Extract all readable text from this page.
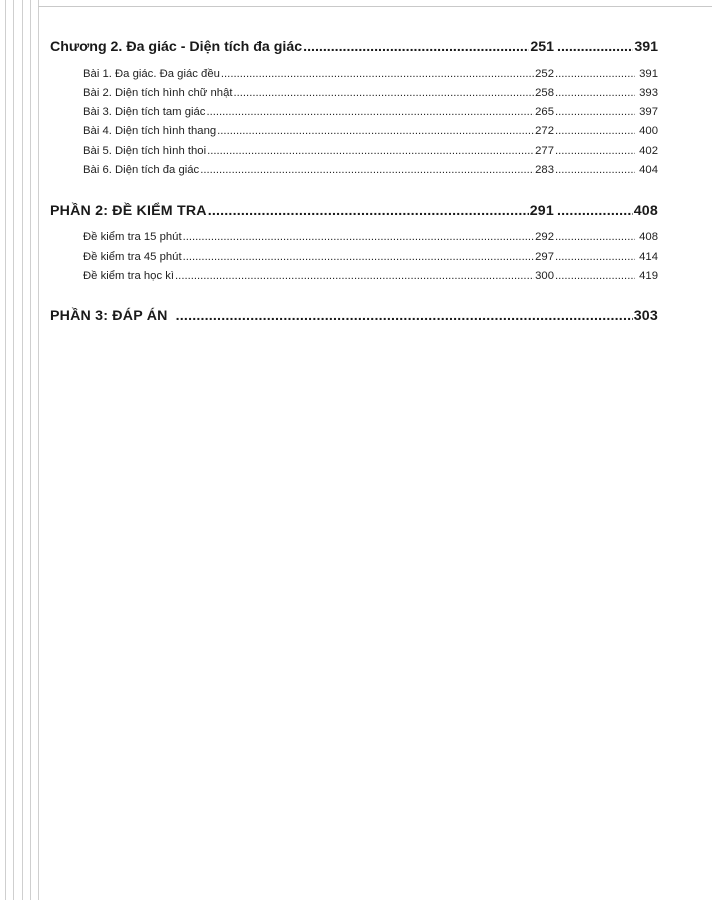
Chương 2. Đa giác - Diện tích đa giác .....	251 .....	391
Bài 1. Đa giác. Đa giác đều .....	252 .....	391
Bài 2. Diện tích hình chữ nhật .....	258 .....	393
Bài 3. Diện tích tam giác .....	265 .....	397
Bài 4. Diện tích hình thang .....	272 .....	400
Bài 5. Diện tích hình thoi .....	277 .....	402
Bài 6. Diện tích đa giác .....	283 .....	404
PHẦN 2: ĐỀ KIỂM TRA .....	291 .....	408
Đề kiểm tra 15 phút .....	292 .....	408
Đề kiểm tra 45 phút .....	297 .....	414
Đề kiểm tra học kì .....	300 .....	419
PHẦN 3: ĐÁP ÁN .....	303
